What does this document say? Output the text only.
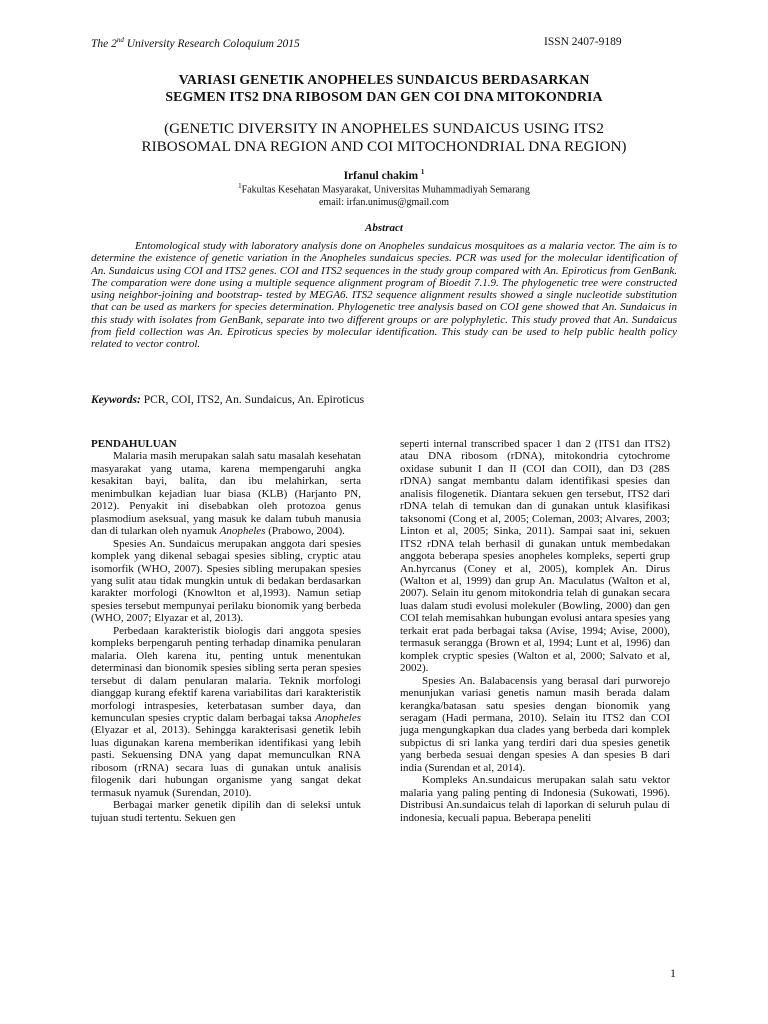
The 2nd University Research Coloquium 2015	ISSN 2407-9189
VARIASI GENETIK ANOPHELES SUNDAICUS BERDASARKAN
SEGMEN ITS2 DNA RIBOSOM DAN GEN COI DNA MITOKONDRIA
(GENETIC DIVERSITY IN ANOPHELES SUNDAICUS USING ITS2
RIBOSOMAL DNA REGION AND COI MITOCHONDRIAL DNA REGION)
Irfanul chakim $^1$
$^1$Fakultas Kesehatan Masyarakat, Universitas Muhammadiyah Semarang
email: irfan.unimus@gmail.com
Abstract

Entomological study with laboratory analysis done on Anopheles sundaicus mosquitoes as a malaria vector. The aim is to determine the existence of genetic variation in the Anopheles sundaicus species. PCR was used for the molecular identification of An. Sundaicus using COI and ITS2 genes. COI and ITS2 sequences in the study group compared with An. Epiroticus from GenBank. The comparation were done using a multiple sequence alignment program of Bioedit 7.1.9. The phylogenetic tree were constructed using neighbor-joining and bootstrap- tested by MEGA6. ITS2 sequence alignment results showed a single nucleotide substitution that can be used as markers for species determination. Phylogenetic tree analysis based on COI gene showed that An. Sundaicus in this study with isolates from GenBank, separate into two different groups or are polyphyletic. This study proved that An. Sundaicus from field collection was An. Epiroticus species by molecular identification. This study can be used to help public health policy related to vector control.

Keywords: PCR, COI, ITS2, An. Sundaicus, An. Epiroticus

PENDAHULUAN

Malaria masih merupakan salah satu masalah kesehatan masyarakat yang utama, karena mempengaruhi angka kesakitan bayi, balita, dan ibu melahirkan, serta menimbulkan kejadian luar biasa (KLB) (Harjanto PN, 2012). Penyakit ini disebabkan oleh protozoa genus plasmodium aseksual, yang masuk ke dalam tubuh manusia dan di tularkan oleh nyamuk Anopheles (Prabowo, 2004).

Spesies An. Sundaicus merupakan anggota dari spesies komplek yang dikenal sebagai spesies sibling, cryptic atau isomorfik (WHO, 2007). Spesies sibling merupakan spesies yang sulit atau tidak mungkin untuk di bedakan berdasarkan karakter morfologi (Knowlton et al,1993). Namun setiap spesies tersebut mempunyai perilaku bionomik yang berbeda (WHO, 2007; Elyazar et al, 2013).

Perbedaan karakteristik biologis dari anggota spesies kompleks berpengaruh penting terhadap dinamika penularan malaria. Oleh karena itu, penting untuk menentukan determinasi dan bionomik spesies sibling serta peran spesies tersebut di dalam penularan malaria. Teknik morfologi dianggap kurang efektif karena variabilitas dari karakteristik morfologi intraspesies, keterbatasan sumber daya, dan kemunculan spesies cryptic dalam berbagai taksa Anopheles (Elyazar et al, 2013). Sehingga karakterisasi genetik lebih luas digunakan karena memberikan identifikasi yang lebih pasti. Sekuensing DNA yang dapat memunculkan RNA ribosom (rRNA) secara luas di gunakan untuk analisis filogenik dari hubungan organisme yang sangat dekat termasuk nyamuk (Surendan, 2010).

Berbagai marker genetik dipilih dan di seleksi untuk tujuan studi tertentu. Sekuen gen

seperti internal transcribed spacer 1 dan 2 (ITS1 dan ITS2) atau DNA ribosom (rDNA), mitokondria cytochrome oxidase subunit I dan II (COI dan COII), dan D3 (28S rDNA) sangat membantu dalam identifikasi spesies dan analisis filogenetik. Diantara sekuen gen tersebut, ITS2 dari rDNA telah di temukan dan di gunakan untuk klasifikasi taksonomi (Cong et al, 2005; Coleman, 2003; Alvares, 2003; Linton et al, 2005; Sinka, 2011). Sampai saat ini, sekuen ITS2 rDNA telah berhasil di gunakan untuk membedakan anggota beberapa spesies anopheles kompleks, seperti grup An.hyrcanus (Coney et al, 2005), komplek An. Dirus (Walton et al, 1999) dan grup An. Maculatus (Walton et al, 2007). Selain itu genom mitokondria telah di gunakan secara luas dalam studi evolusi molekuler (Bowling, 2000) dan gen COI telah memisahkan hubungan evolusi antara spesies yang terkait erat pada berbagai taksa (Avise, 1994; Avise, 2000), termasuk serangga (Brown et al, 1994; Lunt et al, 1996) dan komplek cryptic spesies (Walton et al, 2000; Salvato et al, 2002).

Spesies An. Balabacensis yang berasal dari purworejo menunjukan variasi genetis namun masih berada dalam kerangka/batasan satu spesies dengan bionomik yang seragam (Hadi permana, 2010). Selain itu ITS2 dan COI juga mengungkapkan dua clades yang berbeda dari komplek subpictus di sri lanka yang terdiri dari dua spesies genetik yang berbeda sesuai dengan spesies A dan spesies B dari india (Surendan et al, 2014).

Kompleks An.sundaicus merupakan salah satu vektor malaria yang paling penting di Indonesia (Sukowati, 1996). Distribusi An.sundaicus telah di laporkan di seluruh pulau di indonesia, kecuali papua. Beberapa peneliti

1
